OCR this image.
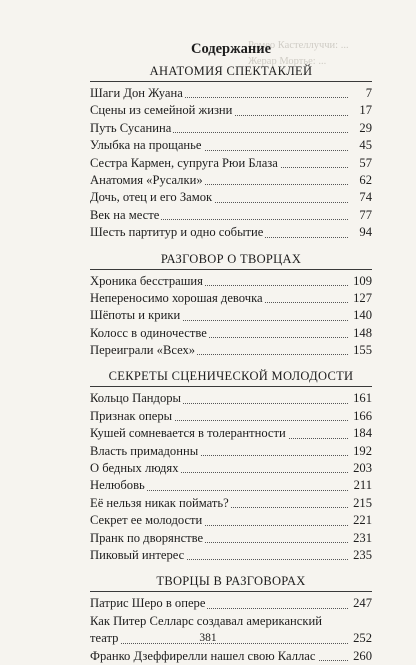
Ромео Кастеллуччи: ...
Жерар Мортье: ...
Содержание
АНАТОМИЯ СПЕКТАКЛЕЙ
Шаги Дон Жуана	7
Сцены из семейной жизни	17
Путь Сусанина	29
Улыбка на прощанье	45
Сестра Кармен, супруга Рюи Блаза	57
Анатомия «Русалки»	62
Дочь, отец и его Замок	74
Век на месте	77
Шесть партитур и одно событие	94
РАЗГОВОР О ТВОРЦАХ
Хроника бесстрашия	109
Непереносимо хорошая девочка	127
Шёпоты и крики	140
Колосс в одиночестве	148
Переиграли «Всех»	155
СЕКРЕТЫ СЦЕНИЧЕСКОЙ МОЛОДОСТИ
Кольцо Пандоры	161
Признак оперы	166
Кушей сомневается в толерантности	184
Власть примадонны	192
О бедных людях	203
Нелюбовь	211
Её нельзя никак поймать?	215
Секрет ее молодости	221
Пранк по дворянстве	231
Пиковый интерес	235
ТВОРЦЫ В РАЗГОВОРАХ
Патрис Шеро в опере	247
Как Питер Селларс создавал американский
театр	252
Франко Дзеффирелли нашел свою Каллас	260
381
